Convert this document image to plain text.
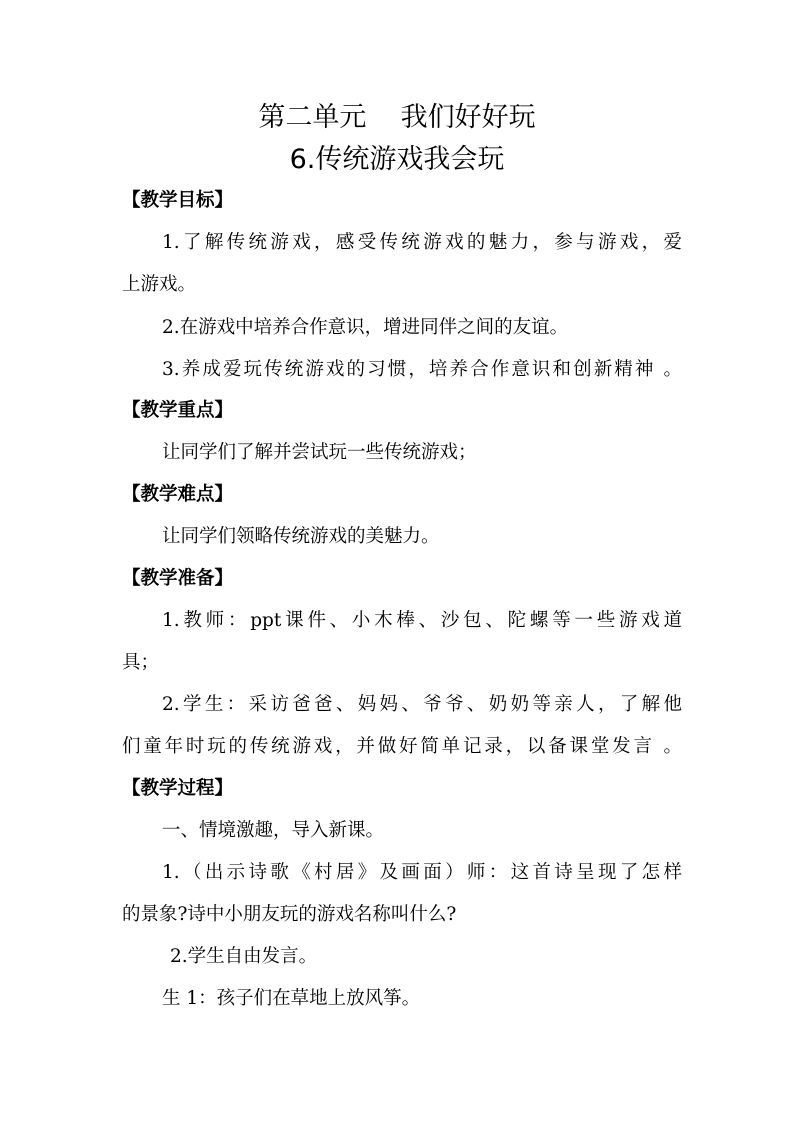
第二单元    我们好好玩
6.传统游戏我会玩
【教学目标】
1.了解传统游戏，感受传统游戏的魅力，参与游戏，爱
上游戏。
2.在游戏中培养合作意识，增进同伴之间的友谊。
3.养成爱玩传统游戏的习惯，培养合作意识和创新精神 。
【教学重点】
让同学们了解并尝试玩一些传统游戏；
【教学难点】
让同学们领略传统游戏的美魅力。
【教学准备】
1.教师：ppt课件、小木棒、沙包、陀螺等一些游戏道
具；
2.学生：采访爸爸、妈妈、爷爷、奶奶等亲人，了解他
们童年时玩的传统游戏，并做好简单记录，以备课堂发言 。
【教学过程】
一、情境激趣，导入新课。
1.（出示诗歌《村居》及画面）师：这首诗呈现了怎样
的景象?诗中小朋友玩的游戏名称叫什么?
2.学生自由发言。
生 1：孩子们在草地上放风筝。
